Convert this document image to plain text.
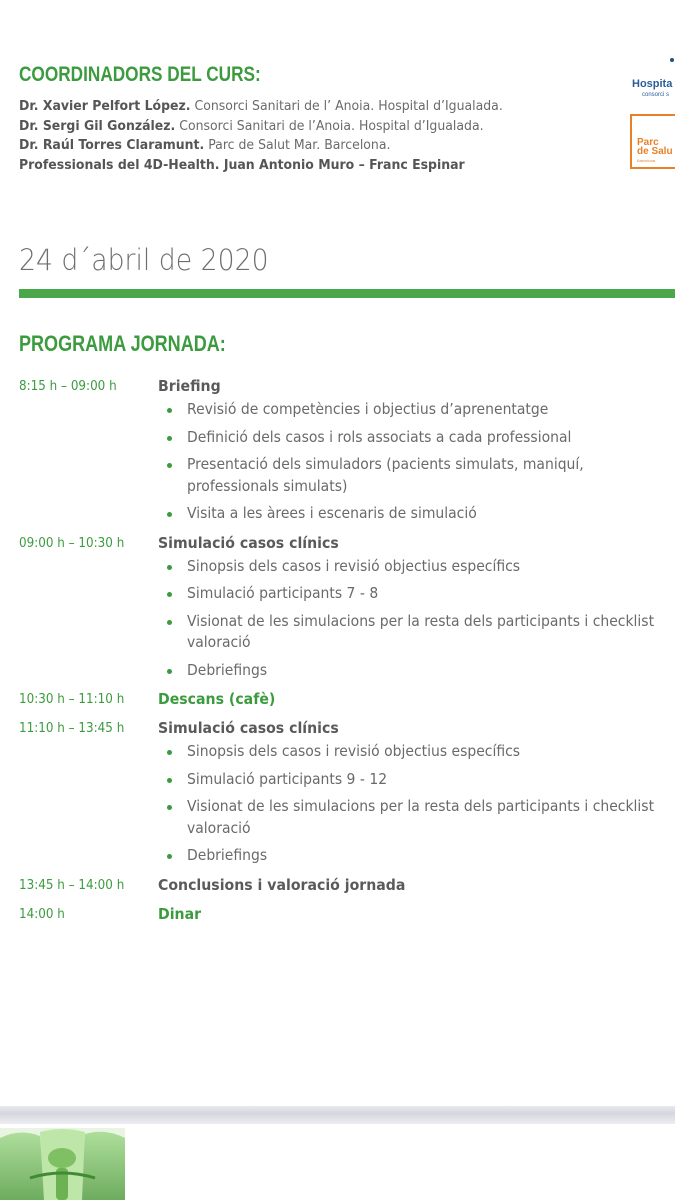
COORDINADORS DEL CURS:
Dr. Xavier Pelfort López. Consorci Sanitari de l’ Anoia. Hospital d’Igualada.
Dr. Sergi Gil González. Consorci Sanitari de l’Anoia. Hospital d’Igualada.
Dr. Raúl Torres Claramunt. Parc de Salut Mar. Barcelona.
Professionals del 4D-Health. Juan Antonio Muro – Franc Espinar
Hospita
consorci s
Parc
de Salu
Barcelona
24 d´abril de 2020
PROGRAMA JORNADA:
8:15 h – 09:00 h	Briefing
Revisió de competències i objectius d’aprenentatge
Definició dels casos i rols associats a cada professional
Presentació dels simuladors (pacients simulats, maniquí, professionals simulats)
Visita a les àrees i escenaris de simulació
09:00 h – 10:30 h Simulació casos clínics
Sinopsis dels casos i revisió objectius específics
Simulació participants 7 - 8
Visionat de les simulacions per la resta dels participants i checklist valoració
Debriefings
10:30 h – 11:10 h Descans (cafè)
11:10 h – 13:45 h Simulació casos clínics
Sinopsis dels casos i revisió objectius específics
Simulació participants 9 - 12
Visionat de les simulacions per la resta dels participants i checklist valoració
Debriefings
13:45 h – 14:00 h Conclusions i valoració jornada
14:00 h	Dinar
